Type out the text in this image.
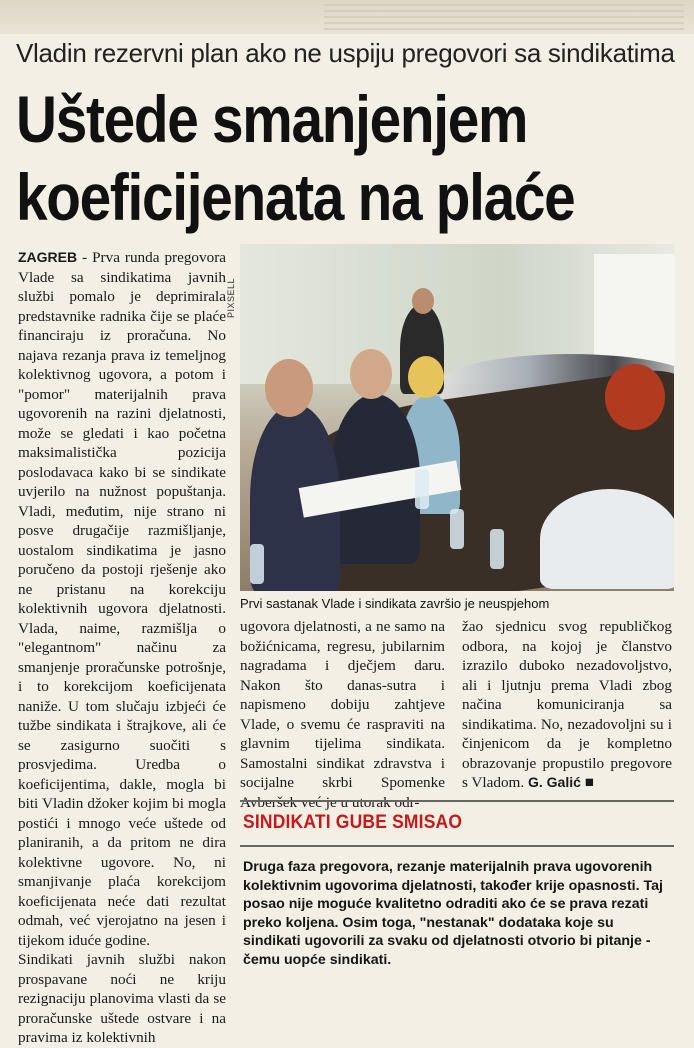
Vladin rezervni plan ako ne uspiju pregovori sa sindikatima
Uštede smanjenjem
koeficijenata na plaće

ZAGREB - Prva runda pregovora Vlade sa sindikatima javnih službi pomalo je deprimirala predstavnike radnika čije se plaće financiraju iz proračuna. No najava rezanja prava iz temeljnog kolektivnog ugovora, a potom i "pomor" materijalnih prava ugovorenih na razini djelatnosti, može se gledati i kao početna maksimalistička pozicija poslodavaca kako bi se sindikate uvjerilo na nužnost popuštanja. Vladi, međutim, nije strano ni posve drugačije razmišljanje, uostalom sindikatima je jasno poručeno da postoji rješenje ako ne pristanu na korekciju kolektivnih ugovora djelatnosti. Vlada, naime, razmišlja o "elegantnom" načinu za smanjenje proračunske potrošnje, i to korekcijom koeficijenata naniže. U tom slučaju izbjeći će tužbe sindikata i štrajkove, ali će se zasigurno suočiti s prosvjedima. Uredba o koeficijentima, dakle, mogla bi biti Vladin džoker kojim bi mogla postići i mnogo veće uštede od planiranih, a da pritom ne dira kolektivne ugovore. No, ni smanjivanje plaća korekcijom koeficijenata neće dati rezultat odmah, već vjerojatno na jesen i tijekom iduće godine.

Sindikati javnih službi nakon prospavane noći ne kriju rezignaciju planovima vlasti da se proračunske uštede ostvare i na pravima iz kolektivnih

PIXSELL
Prvi sastanak Vlade i sindikata završio je neuspjehom
ugovora djelatnosti, a ne samo na božićnicama, regresu, jubilarnim nagradama i dječjem daru. Nakon što danas-sutra i napismeno dobiju zahtjeve Vlade, o svemu će raspraviti na glavnim tijelima sindikata. Samostalni sindikat zdravstva i socijalne skrbi Spomenke Avberšek već je u utorak odr-
žao sjednicu svog republičkog odbora, na kojoj je članstvo izrazilo duboko nezadovoljstvo, ali i ljutnju prema Vladi zbog načina komuniciranja sa sindikatima. No, nezadovoljni su i činjenicom da je kompletno obrazovanje propustilo pregovore s Vladom. G. Galić ■
SINDIKATI GUBE SMISAO
Druga faza pregovora, rezanje materijalnih prava ugovorenih kolektivnim ugovorima djelatnosti, također krije opasnosti. Taj posao nije moguće kvalitetno odraditi ako će se prava rezati preko koljena. Osim toga, "nestanak" dodataka koje su sindikati ugovorili za svaku od djelatnosti otvorio bi pitanje - čemu uopće sindikati.
